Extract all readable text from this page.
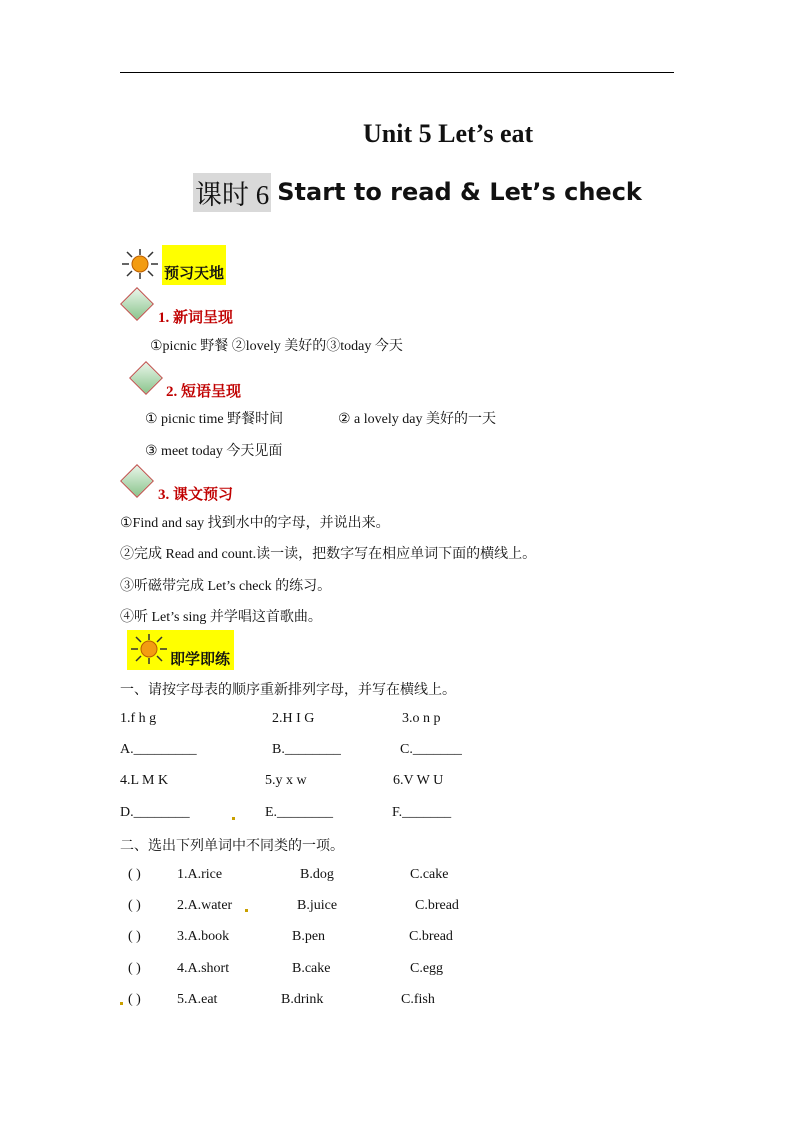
Unit 5 Let’s eat
课时 6 Start to read & Let’s check
预习天地
1. 新词呈现
①picnic 野餐 ②lovely 美好的③today 今天
2. 短语呈现
① picnic time 野餐时间	② a lovely day 美好的一天
③ meet today 今天见面
3. 课文预习
①Find and say 找到水中的字母，并说出来。
②完成 Read and count.读一读，把数字写在相应单词下面的横线上。
③听磁带完成 Let’s check 的练习。
④听 Let’s sing 并学唱这首歌曲。
即学即练
一、请按字母表的顺序重新排列字母，并写在横线上。
1.f h g	2.H I G	3.o n p
A._________	B.________	C._______
4.L M K	5.y x w	6.V W U
D.________	E.________	F._______
二、选出下列单词中不同类的一项。
( )	1.A.rice	B.dog	C.cake
( )	2.A.water	B.juice	C.bread
( )	3.A.book	B.pen	C.bread
( )	4.A.short	B.cake	C.egg
( )	5.A.eat	B.drink	C.fish
